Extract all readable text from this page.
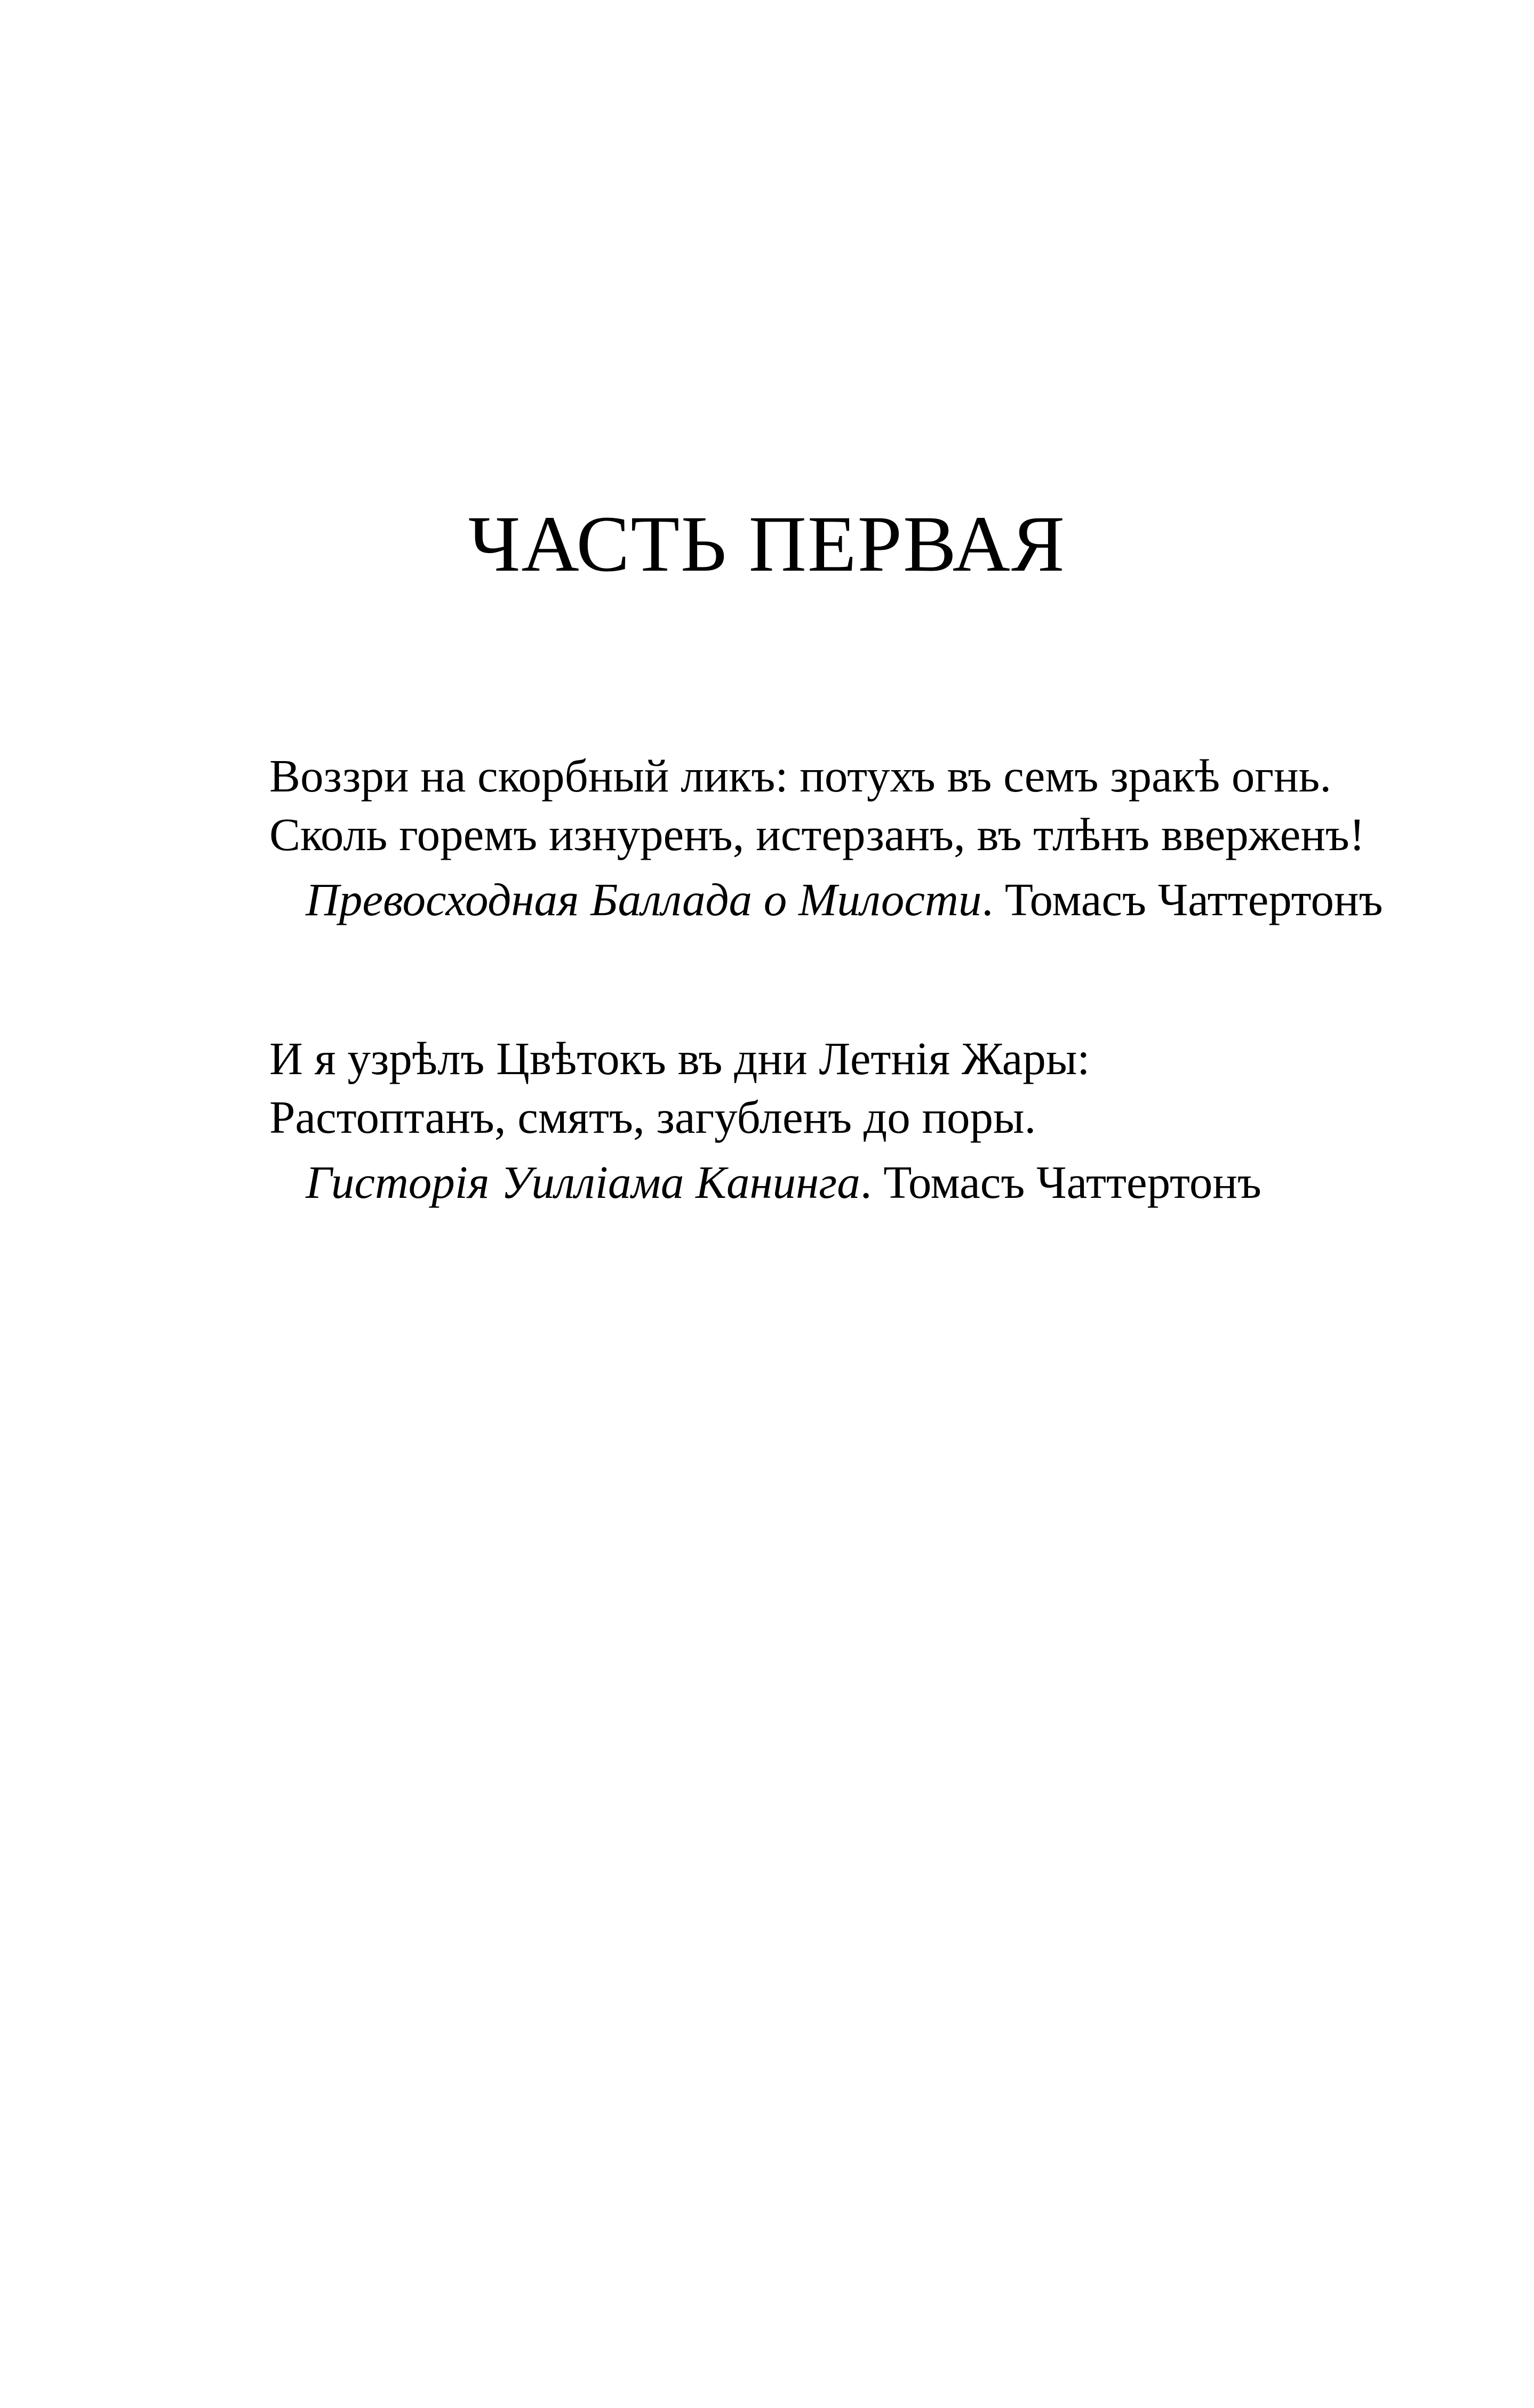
ЧАСТЬ ПЕРВАЯ
Воззри на скорбный ликъ: потухъ въ семъ зракѣ огнь.
Сколь горемъ изнуренъ, истерзанъ, въ тлѣнъ вверженъ!
Превосходная Баллада о Милости. Томасъ Чаттертонъ
И я узрѣлъ Цвѣтокъ въ дни Летнія Жары:
Растоптанъ, смятъ, загубленъ до поры.
Гисторія Уилліама Канинга. Томасъ Чаттертонъ
